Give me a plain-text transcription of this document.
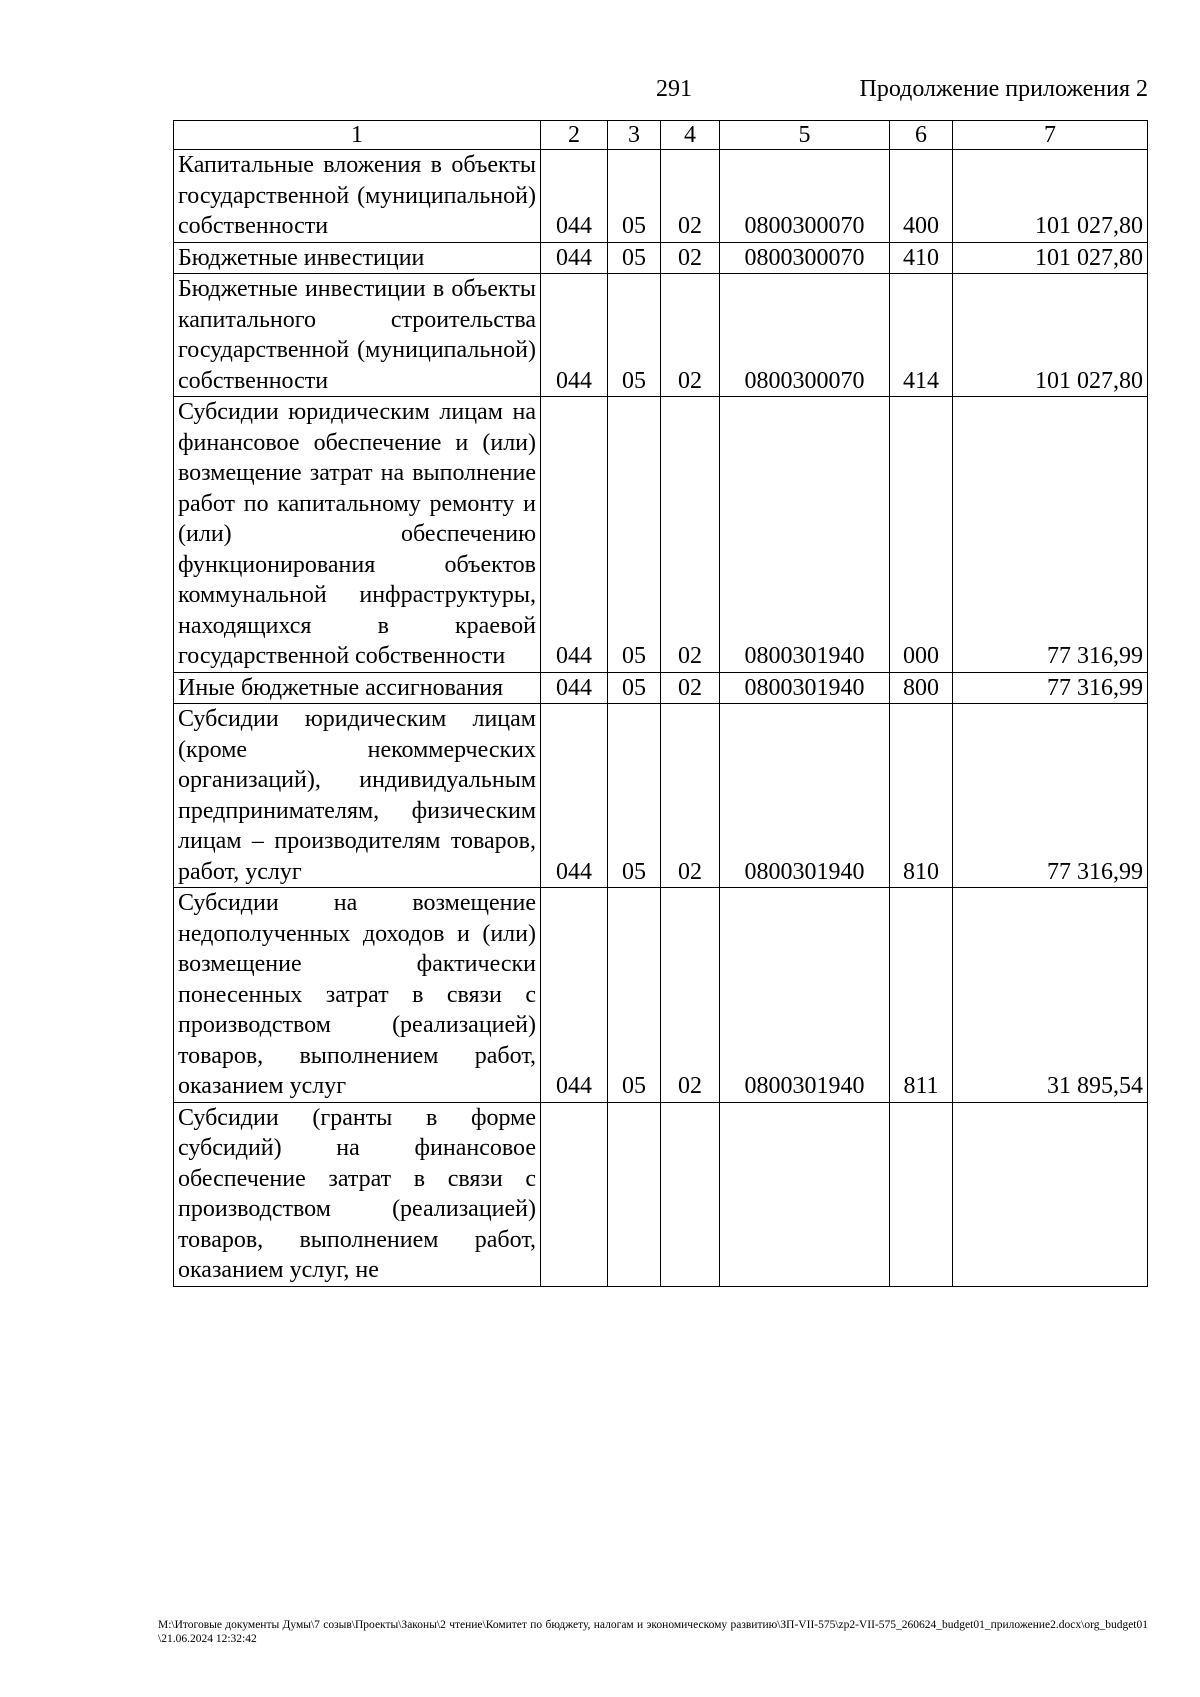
291	Продолжение приложения 2
1	2	3	4	5	6	7
Капитальные вложения в объекты государственной (муниципальной) собственности	044	05	02	0800300070	400	101 027,80
Бюджетные инвестиции	044	05	02	0800300070	410	101 027,80
Бюджетные инвестиции в объекты капитального строительства государственной (муниципальной) собственности	044	05	02	0800300070	414	101 027,80
Субсидии юридическим лицам на финансовое обеспечение и (или) возмещение затрат на выполнение работ по капитальному ремонту и (или) обеспечению функционирования объектов коммунальной инфраструктуры, находящихся в краевой государственной собственности	044	05	02	0800301940	000	77 316,99
Иные бюджетные ассигнования	044	05	02	0800301940	800	77 316,99
Субсидии юридическим лицам (кроме некоммерческих организаций), индивидуальным предпринимателям, физическим лицам – производителям товаров, работ, услуг	044	05	02	0800301940	810	77 316,99
Субсидии на возмещение недополученных доходов и (или) возмещение фактически понесенных затрат в связи с производством (реализацией) товаров, выполнением работ, оказанием услуг	044	05	02	0800301940	811	31 895,54
Субсидии (гранты в форме субсидий) на финансовое обеспечение затрат в связи с производством (реализацией) товаров, выполнением работ, оказанием услуг, не						
М:\Итоговые документы Думы\7 созыв\Проекты\Законы\2 чтение\Комитет по бюджету, налогам и экономическому развитию\ЗП-VII-575\zp2-VII-575_260624_budget01_приложение2.docx\org_budget01\21.06.2024 12:32:42
